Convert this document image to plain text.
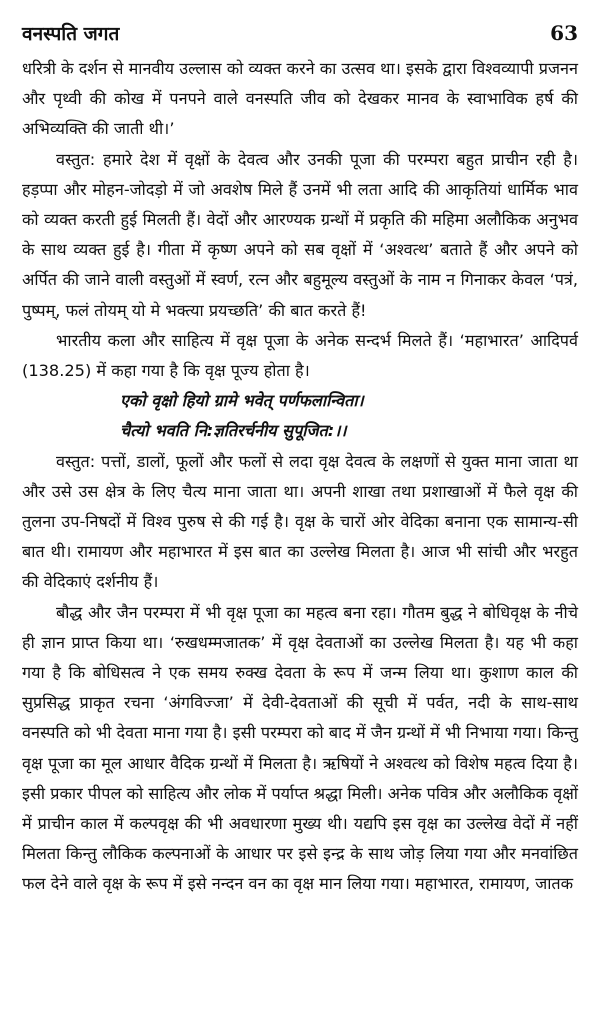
वनस्पति जगत	63

धरित्री के दर्शन से मानवीय उल्लास को व्यक्त करने का उत्सव था। इसके द्वारा विश्वव्यापी प्रजनन और पृथ्वी की कोख में पनपने वाले वनस्पति जीव को देखकर मानव के स्वाभाविक हर्ष की अभिव्यक्ति की जाती थी।’

वस्तुत: हमारे देश में वृक्षों के देवत्व और उनकी पूजा की परम्परा बहुत प्राचीन रही है। हड़प्पा और मोहन-जोदड़ो में जो अवशेष मिले हैं उनमें भी लता आदि की आकृतियां धार्मिक भाव को व्यक्त करती हुई मिलती हैं। वेदों और आरण्यक ग्रन्थों में प्रकृति की महिमा अलौकिक अनुभव के साथ व्यक्त हुई है। गीता में कृष्ण अपने को सब वृक्षों में ‘अश्वत्थ’ बताते हैं और अपने को अर्पित की जाने वाली वस्तुओं में स्वर्ण, रत्न और बहुमूल्य वस्तुओं के नाम न गिनाकर केवल ‘पत्रं, पुष्पम्, फलं तोयम् यो मे भक्त्या प्रयच्छति’ की बात करते हैं!

भारतीय कला और साहित्य में वृक्ष पूजा के अनेक सन्दर्भ मिलते हैं। ‘महाभारत’ आदिपर्व (138.25) में कहा गया है कि वृक्ष पूज्य होता है।

एको वृक्षो हियो ग्रामे भवेत् पर्णफलान्विता।

चैत्यो भवति नि:ज्ञतिरर्चनीय सुपूजित:।।

वस्तुत: पत्तों, डालों, फूलों और फलों से लदा वृक्ष देवत्व के लक्षणों से युक्त माना जाता था और उसे उस क्षेत्र के लिए चैत्य माना जाता था। अपनी शाखा तथा प्रशाखाओं में फैले वृक्ष की तुलना उप-निषदों में विश्व पुरुष से की गई है। वृक्ष के चारों ओर वेदिका बनाना एक सामान्य-सी बात थी। रामायण और महाभारत में इस बात का उल्लेख मिलता है। आज भी सांची और भरहुत की वेदिकाएं दर्शनीय हैं।

बौद्ध और जैन परम्परा में भी वृक्ष पूजा का महत्व बना रहा। गौतम बुद्ध ने बोधिवृक्ष के नीचे ही ज्ञान प्राप्त किया था। ‘रुखधम्मजातक’ में वृक्ष देवताओं का उल्लेख मिलता है। यह भी कहा गया है कि बोधिसत्व ने एक समय रुक्ख देवता के रूप में जन्म लिया था। कुशाण काल की सुप्रसिद्ध प्राकृत रचना ‘अंगविज्जा’ में देवी-देवताओं की सूची में पर्वत, नदी के साथ-साथ वनस्पति को भी देवता माना गया है। इसी परम्परा को बाद में जैन ग्रन्थों में भी निभाया गया। किन्तु वृक्ष पूजा का मूल आधार वैदिक ग्रन्थों में मिलता है। ऋषियों ने अश्वत्थ को विशेष महत्व दिया है। इसी प्रकार पीपल को साहित्य और लोक में पर्याप्त श्रद्धा मिली। अनेक पवित्र और अलौकिक वृक्षों में प्राचीन काल में कल्पवृक्ष की भी अवधारणा मुख्य थी। यद्यपि इस वृक्ष का उल्लेख वेदों में नहीं मिलता किन्तु लौकिक कल्पनाओं के आधार पर इसे इन्द्र के साथ जोड़ लिया गया और मनवांछित फल देने वाले वृक्ष के रूप में इसे नन्दन वन का वृक्ष मान लिया गया। महाभारत, रामायण, जातक
